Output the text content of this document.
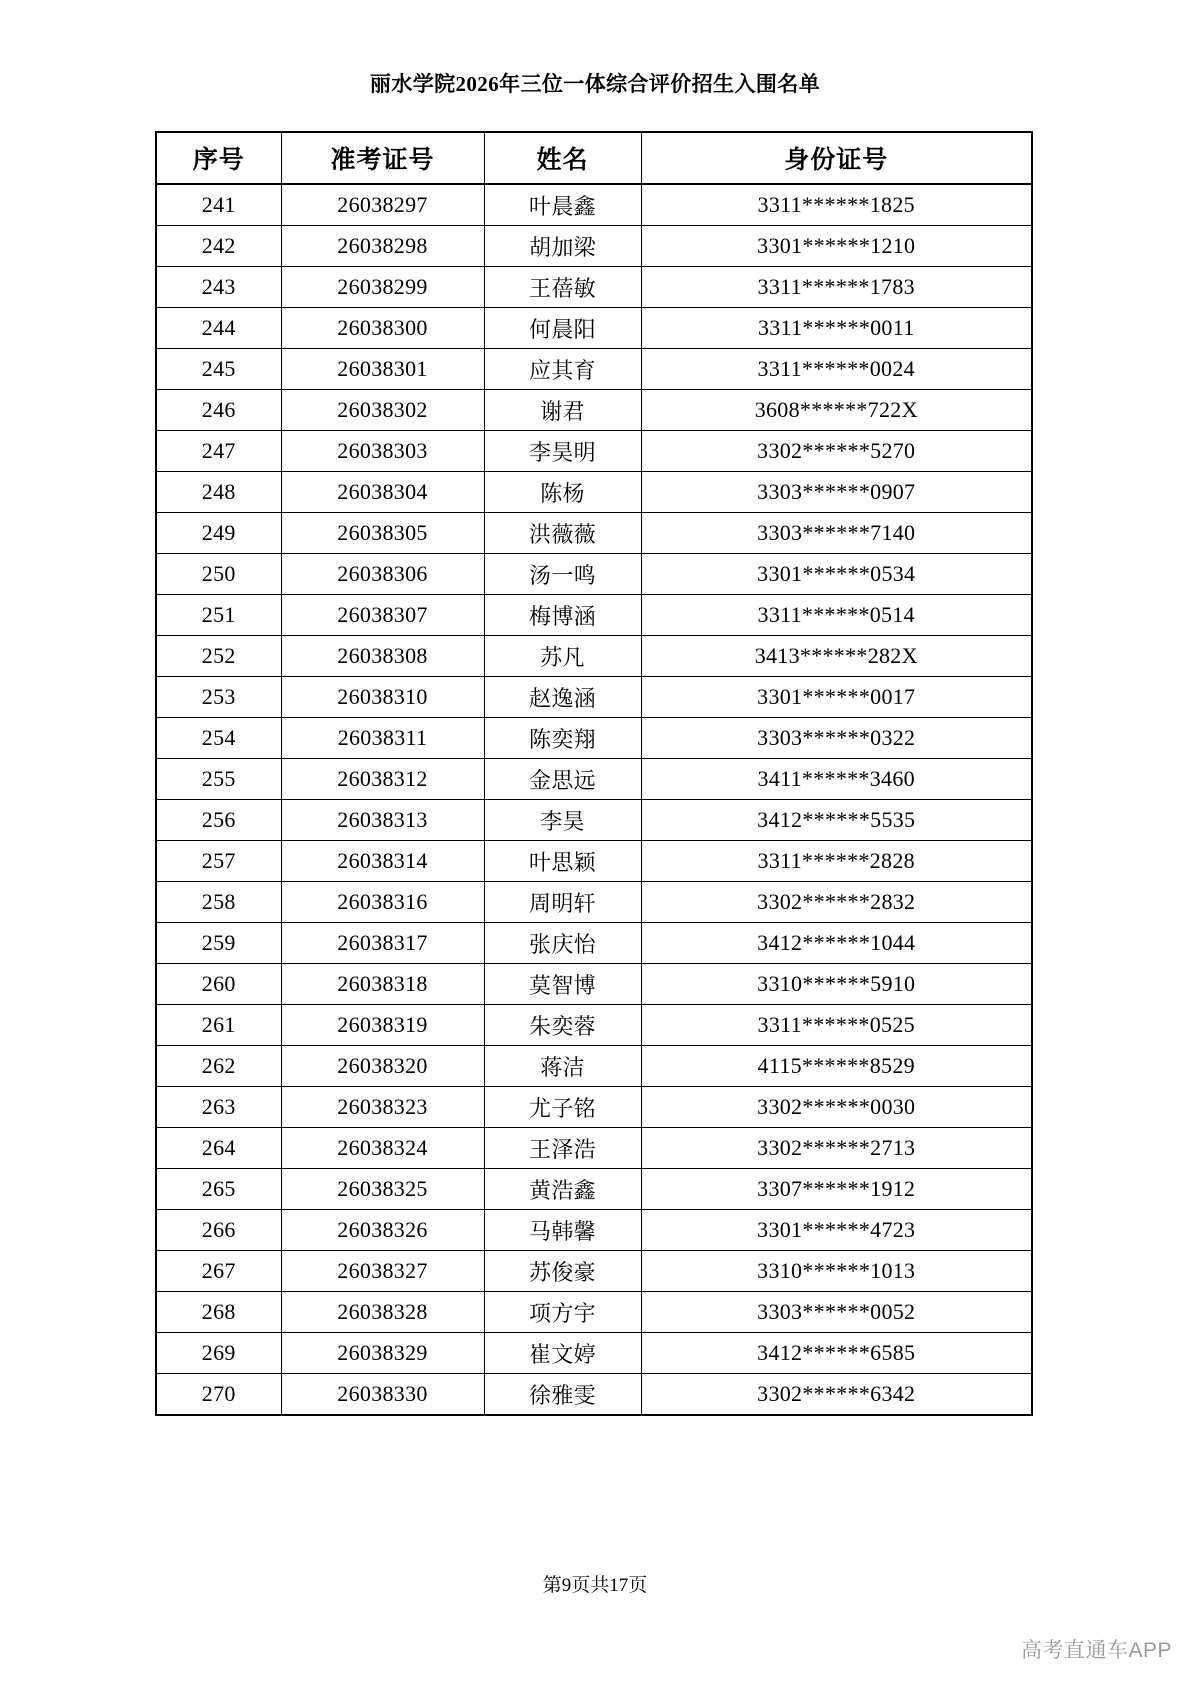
丽水学院2026年三位一体综合评价招生入围名单
序号	准考证号	姓名	身份证号
241	26038297	叶晨鑫	3311******1825
242	26038298	胡加梁	3301******1210
243	26038299	王蓓敏	3311******1783
244	26038300	何晨阳	3311******0011
245	26038301	应其育	3311******0024
246	26038302	谢君	3608******722X
247	26038303	李昊明	3302******5270
248	26038304	陈杨	3303******0907
249	26038305	洪薇薇	3303******7140
250	26038306	汤一鸣	3301******0534
251	26038307	梅博涵	3311******0514
252	26038308	苏凡	3413******282X
253	26038310	赵逸涵	3301******0017
254	26038311	陈奕翔	3303******0322
255	26038312	金思远	3411******3460
256	26038313	李昊	3412******5535
257	26038314	叶思颖	3311******2828
258	26038316	周明轩	3302******2832
259	26038317	张庆怡	3412******1044
260	26038318	莫智博	3310******5910
261	26038319	朱奕蓉	3311******0525
262	26038320	蒋洁	4115******8529
263	26038323	尤子铭	3302******0030
264	26038324	王泽浩	3302******2713
265	26038325	黄浩鑫	3307******1912
266	26038326	马韩馨	3301******4723
267	26038327	苏俊豪	3310******1013
268	26038328	项方宇	3303******0052
269	26038329	崔文婷	3412******6585
270	26038330	徐雅雯	3302******6342
第9页共17页
高考直通车APP
